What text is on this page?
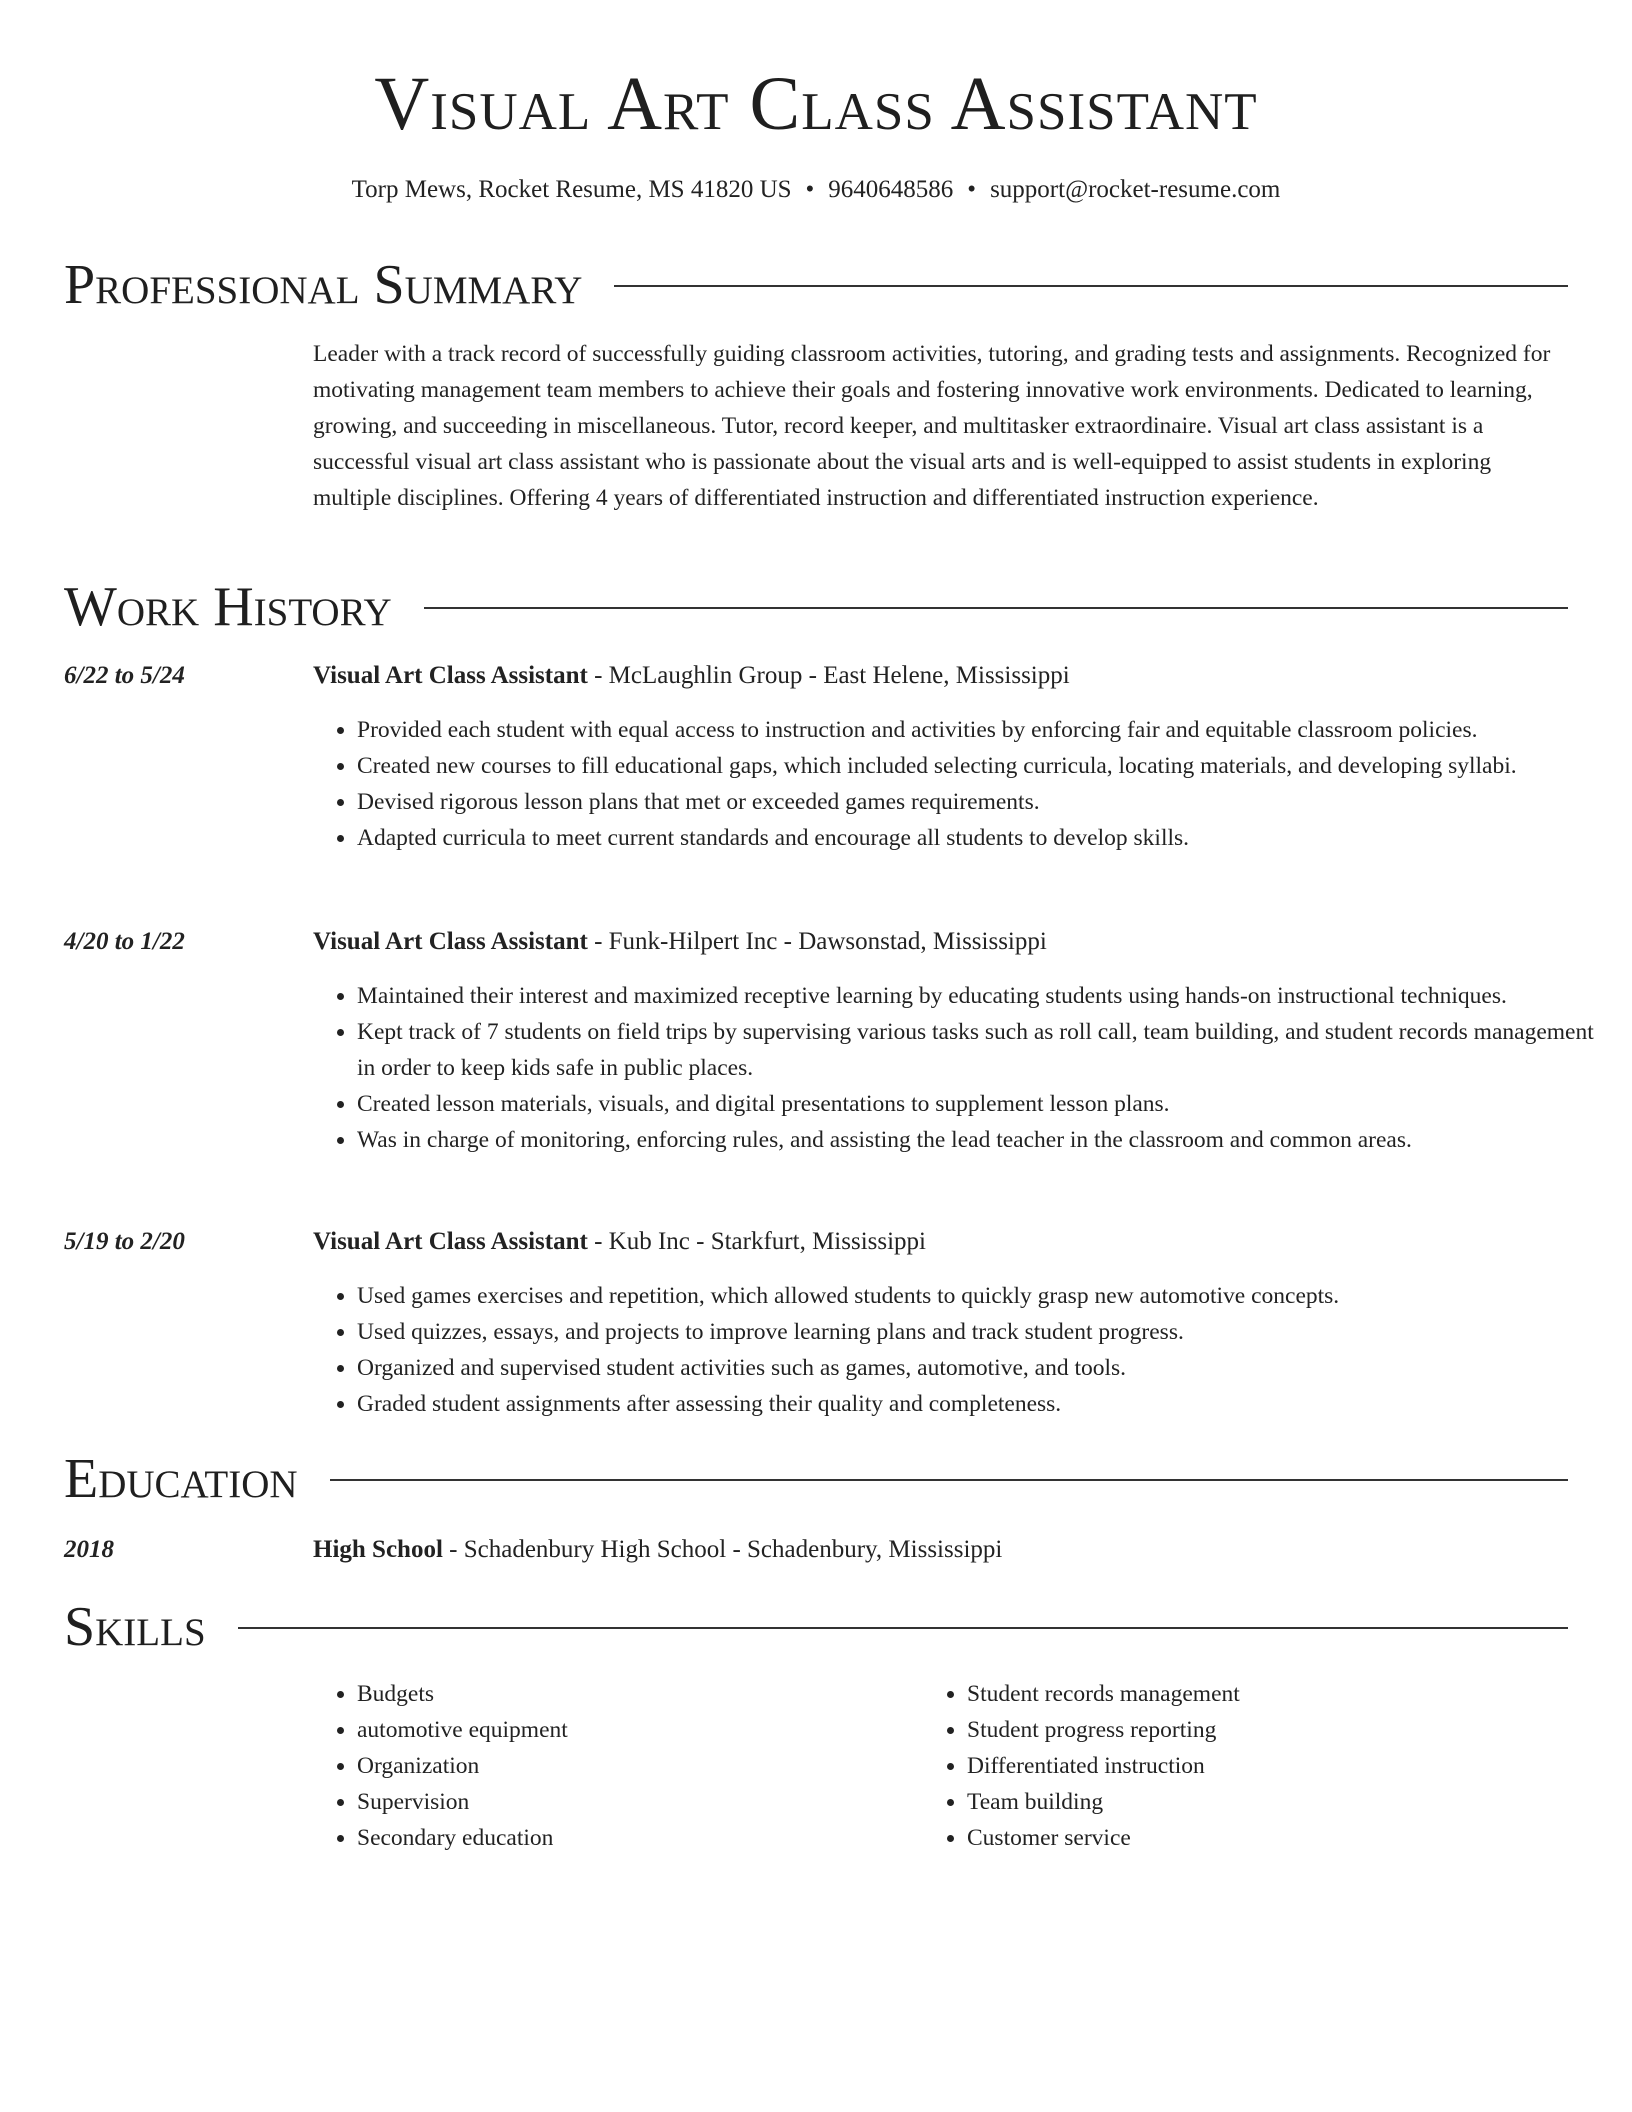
Visual Art Class Assistant
Torp Mews, Rocket Resume, MS 41820 US • 9640648586 • support@rocket-resume.com
Professional Summary

Leader with a track record of successfully guiding classroom activities, tutoring, and grading tests and assignments. Recognized for motivating management team members to achieve their goals and fostering innovative work environments. Dedicated to learning, growing, and succeeding in miscellaneous. Tutor, record keeper, and multitasker extraordinaire. Visual art class assistant is a successful visual art class assistant who is passionate about the visual arts and is well-equipped to assist students in exploring multiple disciplines. Offering 4 years of differentiated instruction and differentiated instruction experience.

Work History
6/22 to 5/24	Visual Art Class Assistant - McLaughlin Group - East Helene, Mississippi
• Provided each student with equal access to instruction and activities by enforcing fair and equitable classroom policies.
• Created new courses to fill educational gaps, which included selecting curricula, locating materials, and developing syllabi.
• Devised rigorous lesson plans that met or exceeded games requirements.
• Adapted curricula to meet current standards and encourage all students to develop skills.
4/20 to 1/22	Visual Art Class Assistant - Funk-Hilpert Inc - Dawsonstad, Mississippi
• Maintained their interest and maximized receptive learning by educating students using hands-on instructional techniques.
• Kept track of 7 students on field trips by supervising various tasks such as roll call, team building, and student records management in order to keep kids safe in public places.
• Created lesson materials, visuals, and digital presentations to supplement lesson plans.
• Was in charge of monitoring, enforcing rules, and assisting the lead teacher in the classroom and common areas.
5/19 to 2/20	Visual Art Class Assistant - Kub Inc - Starkfurt, Mississippi
• Used games exercises and repetition, which allowed students to quickly grasp new automotive concepts.
• Used quizzes, essays, and projects to improve learning plans and track student progress.
• Organized and supervised student activities such as games, automotive, and tools.
• Graded student assignments after assessing their quality and completeness.
Education
2018	High School - Schadenbury High School - Schadenbury, Mississippi
Skills
• Budgets
• automotive equipment
• Organization
• Supervision
• Secondary education
• Student records management
• Student progress reporting
• Differentiated instruction
• Team building
• Customer service
